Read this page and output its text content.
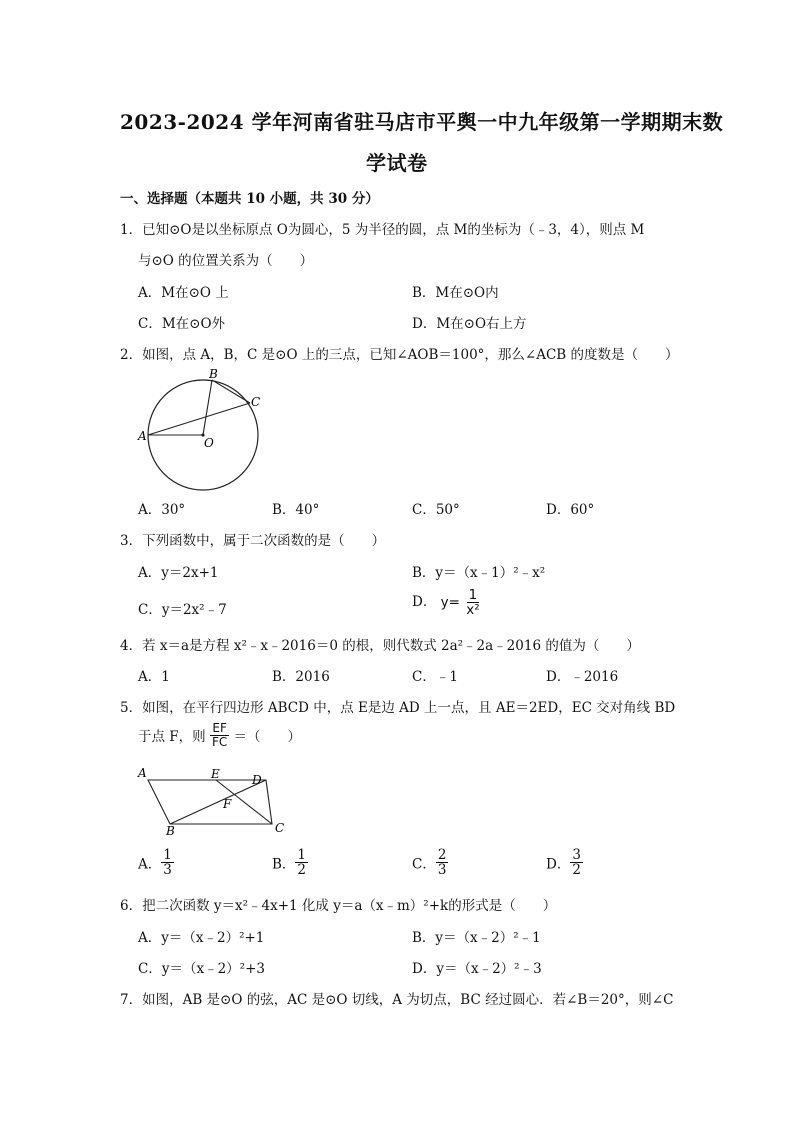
2023-2024 学年河南省驻马店市平舆一中九年级第一学期期末数
学试卷
一、选择题（本题共 10 小题，共 30 分）
1．已知⊙O是以坐标原点 O为圆心，5 为半径的圆，点 M的坐标为（﹣3，4），则点 M
与⊙O 的位置关系为（　　）
A．M在⊙O 上	B．M在⊙O内
C．M在⊙O外	D．M在⊙O右上方
2．如图，点 A，B，C 是⊙O 上的三点，已知∠AOB＝100°，那么∠ACB 的度数是（　　）
B
C
A	O
A．30°	B．40°	C．50°	D．60°
3．下列函数中，属于二次函数的是（　　）
A．y＝2x+1	B．y＝（x﹣1）²﹣x²
C．y＝2x²﹣7	D． $y= \frac{1}{\text{x²}}$
4．若 x＝a是方程 x²﹣x﹣2016＝0 的根，则代数式 2a²﹣2a﹣2016 的值为（　　）
A．1	B．2016	C．﹣1	D．﹣2016
5．如图，在平行四边形 ABCD 中，点 E是边 AD 上一点，且 AE＝2ED，EC 交对角线 BD
于点 F，则 $\frac{EF}{FC}$ ＝（　　）
A	E	D
F
B	C
A． $\frac{1}{3}$	B． $\frac{1}{2}$	C． $\frac{2}{3}$	D． $\frac{3}{2}$
6．把二次函数 y＝x²﹣4x+1 化成 y＝a（x﹣m）²+k的形式是（　　）
A．y＝（x﹣2）²+1	B．y＝（x﹣2）²﹣1
C．y＝（x﹣2）²+3	D．y＝（x﹣2）²﹣3
7．如图，AB 是⊙O 的弦，AC 是⊙O 切线，A 为切点，BC 经过圆心．若∠B＝20°，则∠C
